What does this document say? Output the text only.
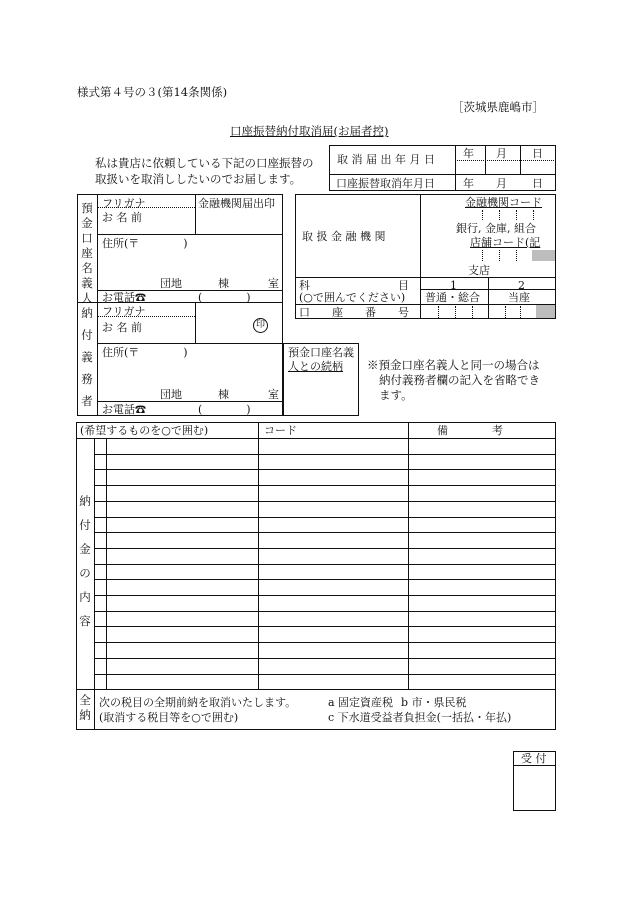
様式第４号の３(第14条関係)
［茨城県鹿嶋市］
口座振替納付取消届(お届者控)
私は貴店に依頼している下記の口座振替の
取扱いを取消ししたいのでお届します。
取 消 届 出 年 月 日	年 月 日
口座振替取消年月日	年 月 日
預
金
口
座
名
義
人
フリガナ
お 名 前
金融機関届出印
住所(〒　　　　)
団地	棟	室
お電話☎	(　　　　)
納
付
義
務
者
フリガナ
お 名 前	印
住所(〒　　　　)
団地	棟	室
お電話☎	(　　　　)
預金口座名義
人との続柄
取 扱 金 融 機 関
金融機関コード
銀行, 金庫, 組合
店舗コード(記
支店
科　　　　　　　　目
(○で囲んでください)
1	2
普通・総合	当座
口　　座　　番　　号
※預金口座名義人と同一の場合は
納付義務者欄の記入を省略でき
ます。
(希望するものを○で囲む)	コード	備　　　　考
納
付
金
の
内
容
全
納
次の税目の全期前納を取消いたします。
(取消する税目等を○で囲む)
a 固定資産税 b 市・県民税
c 下水道受益者負担金(一括払・年払)
受 付
